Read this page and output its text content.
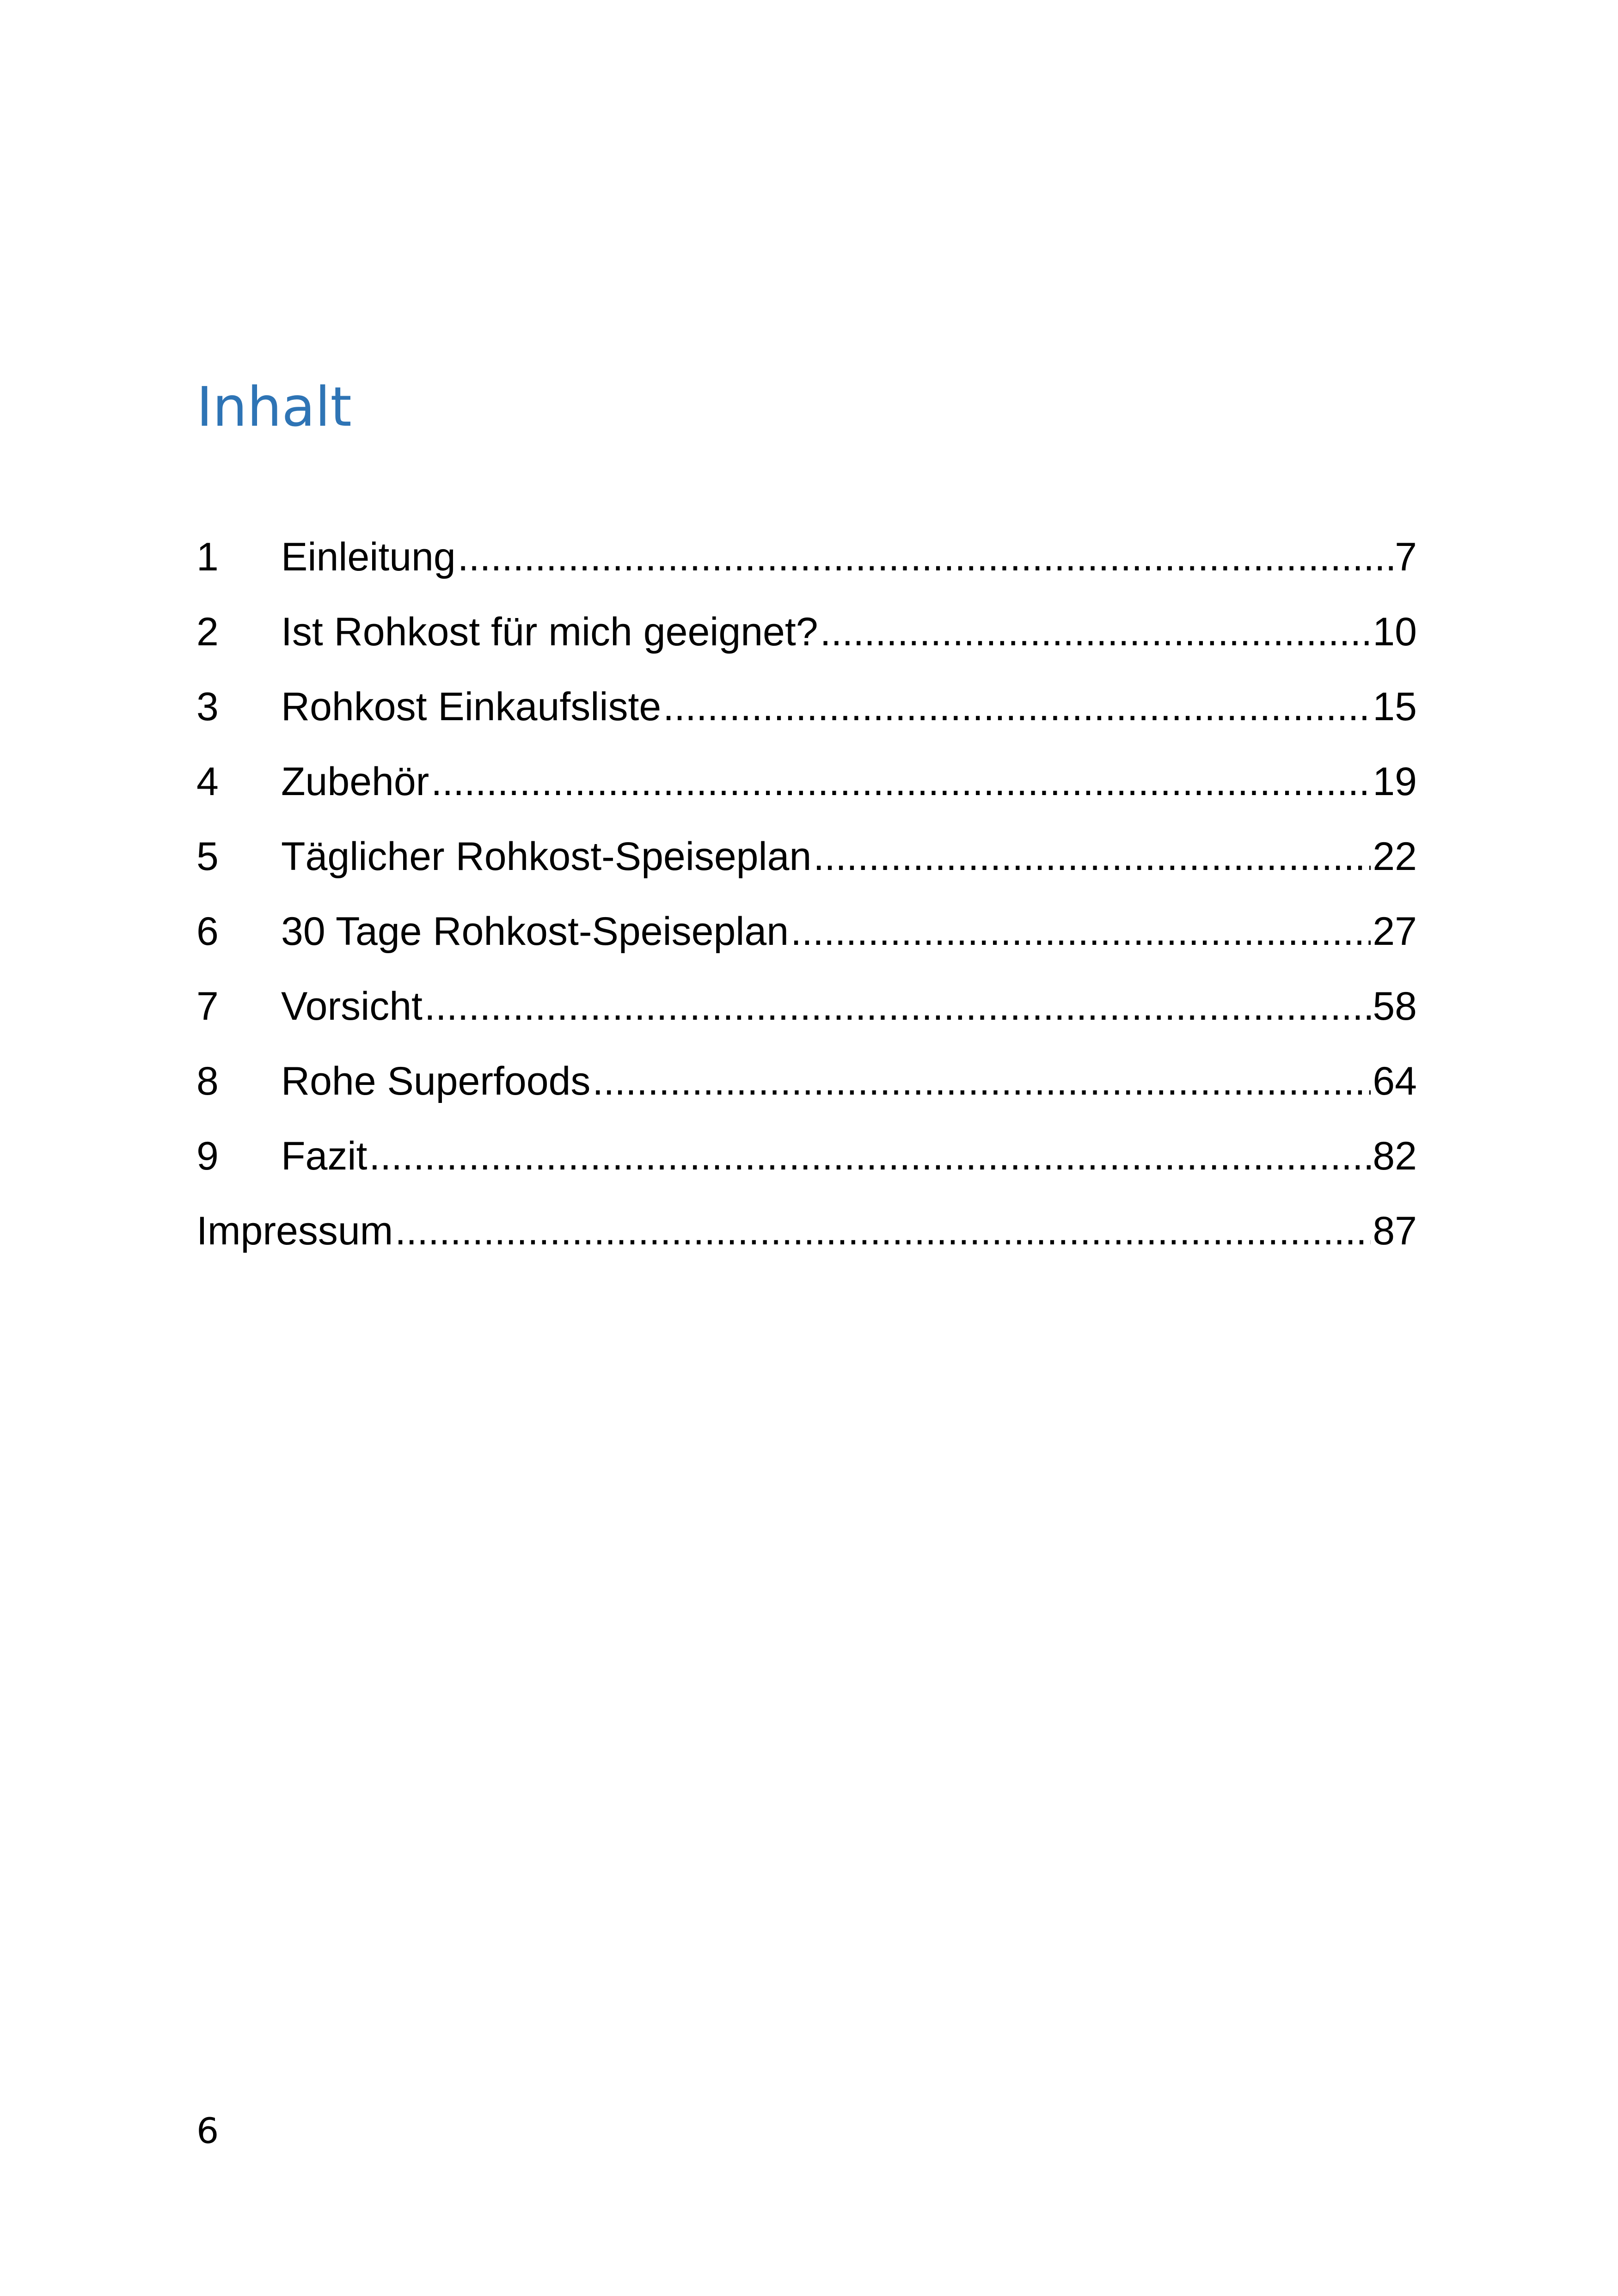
Inhalt
1	Einleitung .....	7
2	Ist Rohkost für mich geeignet? .....	10
3	Rohkost Einkaufsliste .....	15
4	Zubehör .....	19
5	Täglicher Rohkost-Speiseplan .....	22
6	30 Tage Rohkost-Speiseplan .....	27
7	Vorsicht .....	58
8	Rohe Superfoods .....	64
9	Fazit .....	82
Impressum .....	87

6
